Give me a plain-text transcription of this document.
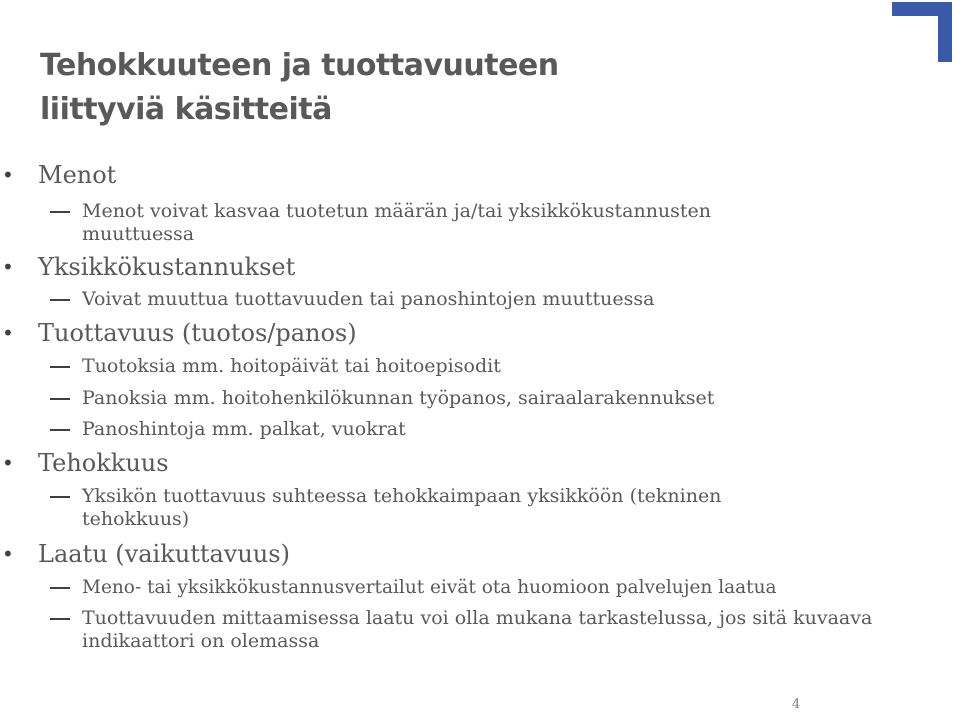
Tehokkuuteen ja tuottavuuteen
liittyviä käsitteitä
• Menot
Menot voivat kasvaa tuotetun määrän ja/tai yksikkökustannusten muuttuessa
• Yksikkökustannukset
Voivat muuttua tuottavuuden tai panoshintojen muuttuessa
• Tuottavuus (tuotos/panos)
Tuotoksia mm. hoitopäivät tai hoitoepisodit
Panoksia mm. hoitohenkilökunnan työpanos, sairaalarakennukset
Panoshintoja mm. palkat, vuokrat
• Tehokkuus
Yksikön tuottavuus suhteessa tehokkaimpaan yksikköön (tekninen tehokkuus)
• Laatu (vaikuttavuus)
Meno- tai yksikkökustannusvertailut eivät ota huomioon palvelujen laatua
Tuottavuuden mittaamisessa laatu voi olla mukana tarkastelussa, jos sitä kuvaava indikaattori on olemassa
4
